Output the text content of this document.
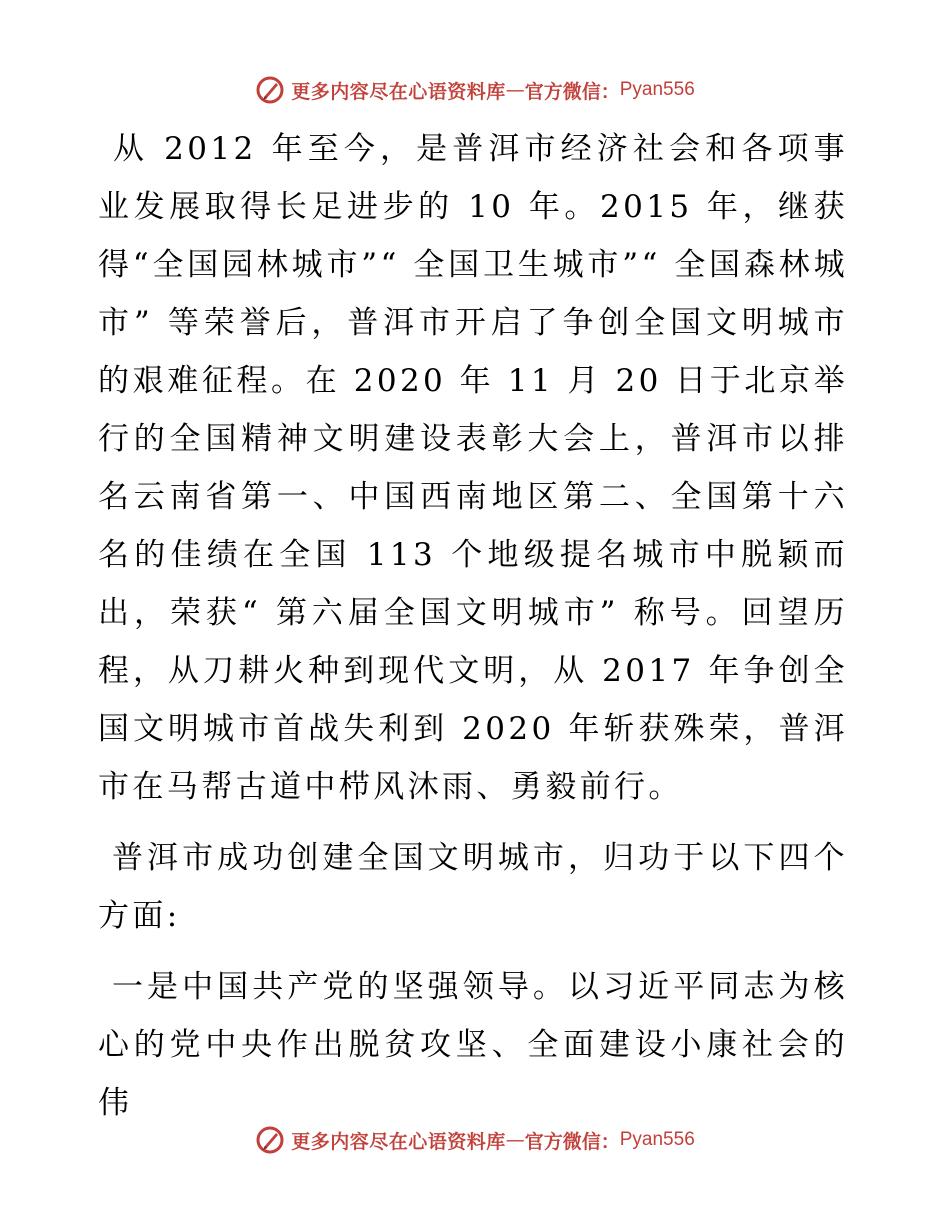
更多内容尽在心语资料库 — 官方微信： Pyan556

从 2012 年至今，是普洱市经济社会和各项事业发展取得长足进步的 10 年。2015 年，继获得“全国园林城市”“ 全国卫生城市”“ 全国森林城市” 等荣誉后，普洱市开启了争创全国文明城市的艰难征程。在 2020 年 11 月 20 日于北京举行的全国精神文明建设表彰大会上，普洱市以排名云南省第一、中国西南地区第二、全国第十六名的佳绩在全国 113 个地级提名城市中脱颖而出，荣获“ 第六届全国文明城市” 称号。回望历程，从刀耕火种到现代文明，从 2017 年争创全国文明城市首战失利到 2020 年斩获殊荣，普洱市在马帮古道中栉风沐雨、勇毅前行。

普洱市成功创建全国文明城市，归功于以下四个方面:

一是中国共产党的坚强领导。以习近平同志为核心的党中央作出脱贫攻坚、全面建设小康社会的伟

更多内容尽在心语资料库 — 官方微信： Pyan556
